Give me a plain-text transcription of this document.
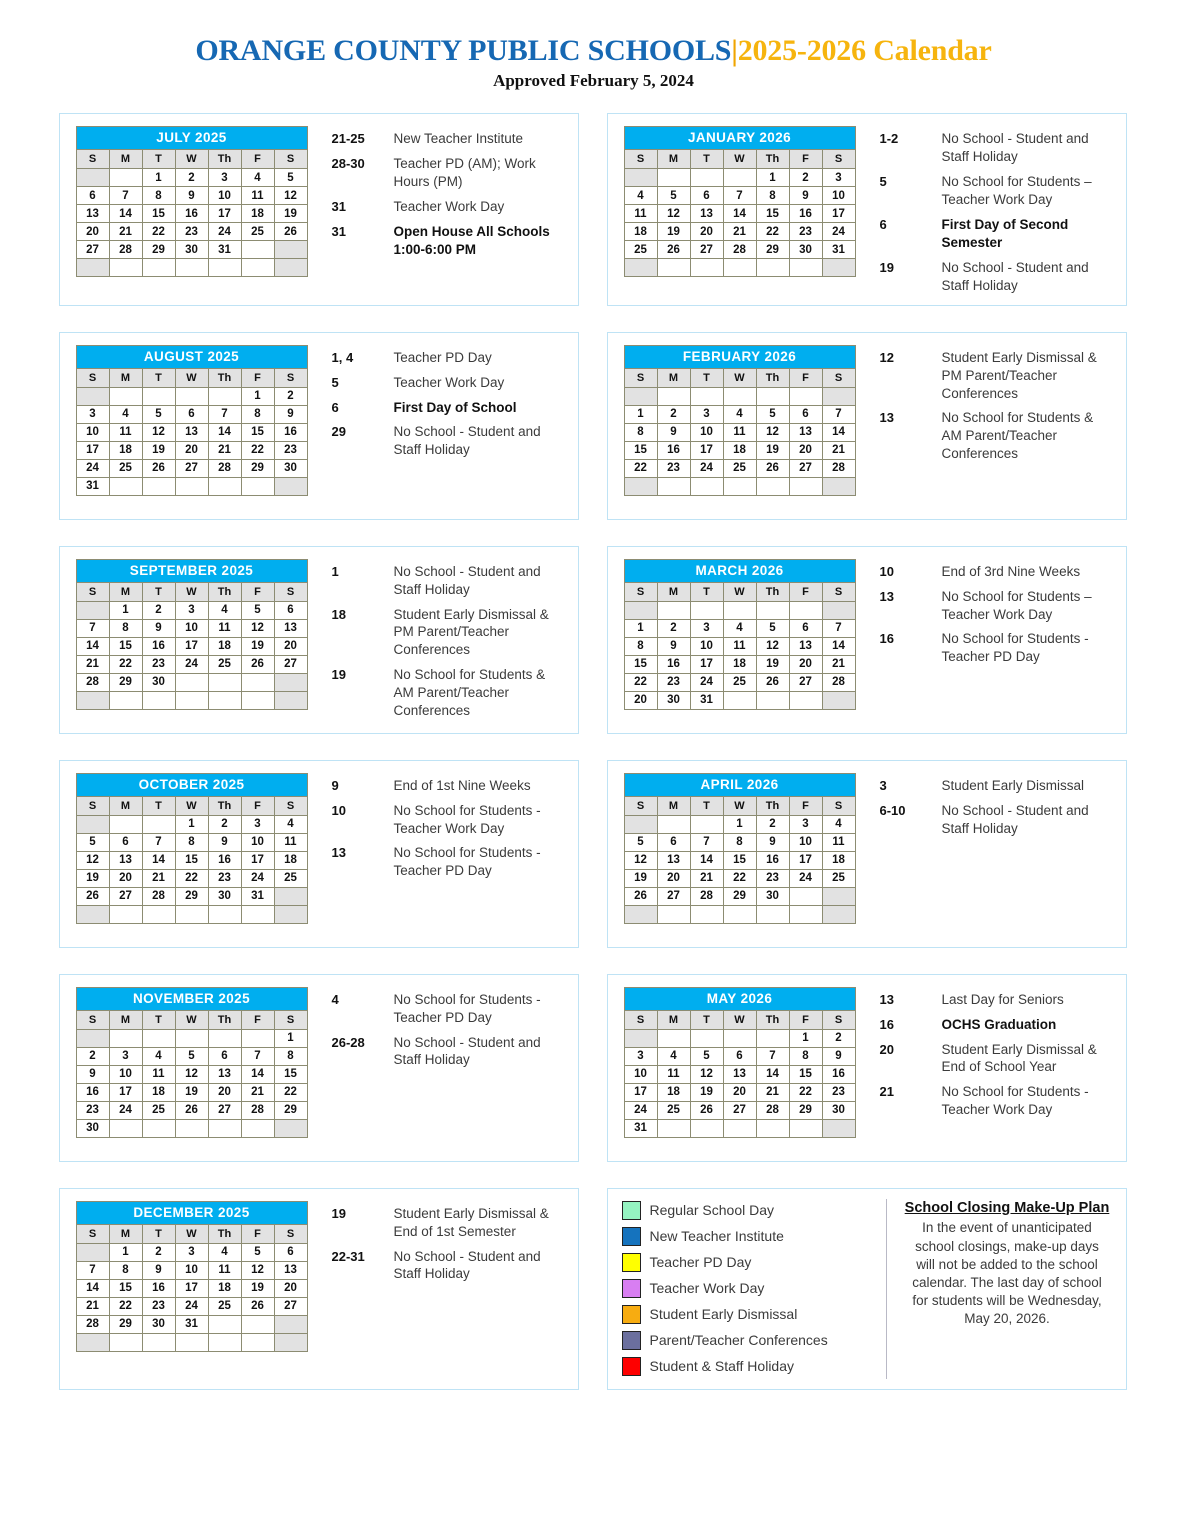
ORANGE COUNTY PUBLIC SCHOOLS|2025-2026 Calendar
Approved February 5, 2024
JULY 2025						
S	M	T	W	Th	F	S
		1	2	3	4	5
6	7	8	9	10	11	12
13	14	15	16	17	18	19
20	21	22	23	24	25	26
27	28	29	30	31		

21-25	New Teacher Institute
28-30	Teacher PD (AM); Work Hours (PM)
31	Teacher Work Day
31	Open House All Schools 1:00-6:00 PM
JANUARY 2026						
S	M	T	W	Th	F	S
				1	2	3
4	5	6	7	8	9	10
11	12	13	14	15	16	17
18	19	20	21	22	23	24
25	26	27	28	29	30	31

1-2	No School - Student and Staff Holiday
5	No School for Students – Teacher Work Day
6	First Day of Second Semester
19	No School - Student and Staff Holiday
AUGUST 2025						
S	M	T	W	Th	F	S
					1	2
3	4	5	6	7	8	9
10	11	12	13	14	15	16
17	18	19	20	21	22	23
24	25	26	27	28	29	30
31						
1, 4	Teacher PD Day
5	Teacher Work Day
6	First Day of School
29	No School - Student and Staff Holiday
FEBRUARY 2026						
S	M	T	W	Th	F	S

1	2	3	4	5	6	7
8	9	10	11	12	13	14
15	16	17	18	19	20	21
22	23	24	25	26	27	28

12	Student Early Dismissal & PM Parent/Teacher Conferences
13	No School for Students & AM Parent/Teacher Conferences
SEPTEMBER 2025						
S	M	T	W	Th	F	S
	1	2	3	4	5	6
7	8	9	10	11	12	13
14	15	16	17	18	19	20
21	22	23	24	25	26	27
28	29	30				

1	No School - Student and Staff Holiday
18	Student Early Dismissal & PM Parent/Teacher Conferences
19	No School for Students & AM Parent/Teacher Conferences
MARCH 2026						
S	M	T	W	Th	F	S

1	2	3	4	5	6	7
8	9	10	11	12	13	14
15	16	17	18	19	20	21
22	23	24	25	26	27	28
20	30	31				
10	End of 3rd Nine Weeks
13	No School for Students – Teacher Work Day
16	No School for Students - Teacher PD Day
OCTOBER 2025						
S	M	T	W	Th	F	S
			1	2	3	4
5	6	7	8	9	10	11
12	13	14	15	16	17	18
19	20	21	22	23	24	25
26	27	28	29	30	31	

9	End of 1st Nine Weeks
10	No School for Students - Teacher Work Day
13	No School for Students - Teacher PD Day
APRIL 2026						
S	M	T	W	Th	F	S
			1	2	3	4
5	6	7	8	9	10	11
12	13	14	15	16	17	18
19	20	21	22	23	24	25
26	27	28	29	30		

3	Student Early Dismissal
6-10	No School - Student and Staff Holiday
NOVEMBER 2025						
S	M	T	W	Th	F	S
						1
2	3	4	5	6	7	8
9	10	11	12	13	14	15
16	17	18	19	20	21	22
23	24	25	26	27	28	29
30						
4	No School for Students - Teacher PD Day
26-28	No School - Student and Staff Holiday
MAY 2026						
S	M	T	W	Th	F	S
					1	2
3	4	5	6	7	8	9
10	11	12	13	14	15	16
17	18	19	20	21	22	23
24	25	26	27	28	29	30
31						
13	Last Day for Seniors
16	OCHS Graduation
20	Student Early Dismissal & End of School Year
21	No School for Students - Teacher Work Day
DECEMBER 2025						
S	M	T	W	Th	F	S
	1	2	3	4	5	6
7	8	9	10	11	12	13
14	15	16	17	18	19	20
21	22	23	24	25	26	27
28	29	30	31			

19	Student Early Dismissal & End of 1st Semester
22-31	No School - Student and Staff Holiday
Regular School Day
New Teacher Institute
Teacher PD Day
Teacher Work Day
Student Early Dismissal
Parent/Teacher Conferences
Student & Staff Holiday
School Closing Make-Up Plan
In the event of unanticipated school closings, make-up days will not be added to the school calendar. The last day of school for students will be Wednesday, May 20, 2026.
